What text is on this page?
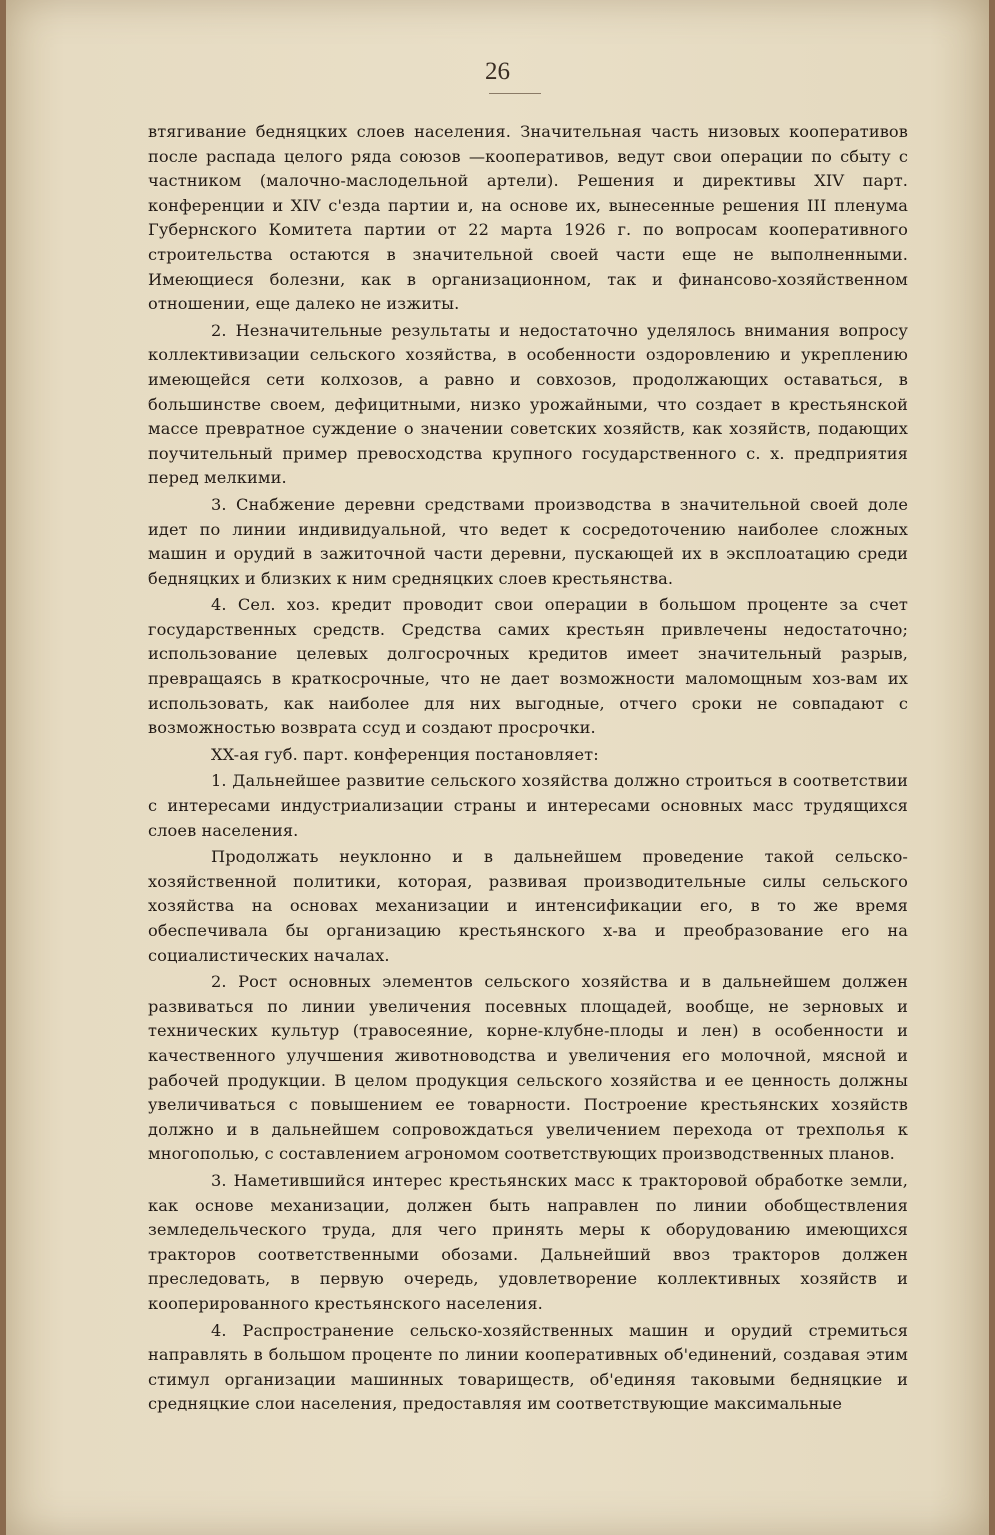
26

втягивание бедняцких слоев населения. Значительная часть низовых кооперативов после распада целого ряда союзов —кооперативов, ведут свои операции по сбыту с частником (малочно-маслодельной артели). Решения и директивы XIV парт. конференции и XIV с'езда партии и, на основе их, вынесенные решения III пленума Губернского Комитета партии от 22 марта 1926 г. по вопросам кооперативного строительства остаются в значительной своей части еще не выполненными. Имеющиеся болезни, как в организационном, так и финансово-хозяйственном отношении, еще далеко не изжиты.

2. Незначительные результаты и недостаточно уделялось внимания вопросу коллективизации сельского хозяйства, в особенности оздоровлению и укреплению имеющейся сети колхозов, а равно и совхозов, продолжающих оставаться, в большинстве своем, дефицитными, низко урожайными, что создает в крестьянской массе превратное суждение о значении советских хозяйств, как хозяйств, подающих поучительный пример превосходства крупного государственного с. х. предприятия перед мелкими.

3. Снабжение деревни средствами производства в значительной своей доле идет по линии индивидуальной, что ведет к сосредоточению наиболее сложных машин и орудий в зажиточной части деревни, пускающей их в эксплоатацию среди бедняцких и близких к ним средняцких слоев крестьянства.

4. Сел. хоз. кредит проводит свои операции в большом проценте за счет государственных средств. Средства самих крестьян привлечены недостаточно; использование целевых долгосрочных кредитов имеет значительный разрыв, превращаясь в краткосрочные, что не дает возможности маломощным хоз-вам их использовать, как наиболее для них выгодные, отчего сроки не совпадают с возможностью возврата ссуд и создают просрочки.

XX-ая губ. парт. конференция постановляет:

1. Дальнейшее развитие сельского хозяйства должно строиться в соответствии с интересами индустриализации страны и интересами основных масс трудящихся слоев населения.

Продолжать неуклонно и в дальнейшем проведение такой сельско-хозяйственной политики, которая, развивая производительные силы сельского хозяйства на основах механизации и интенсификации его, в то же время обеспечивала бы организацию крестьянского х-ва и преобразование его на социалистических началах.

2. Рост основных элементов сельского хозяйства и в дальнейшем должен развиваться по линии увеличения посевных площадей, вообще, не зерновых и технических культур (травосеяние, корне-клубне-плоды и лен) в особенности и качественного улучшения животноводства и увеличения его молочной, мясной и рабочей продукции. В целом продукция сельского хозяйства и ее ценность должны увеличиваться с повышением ее товарности. Построение крестьянских хозяйств должно и в дальнейшем сопровождаться увеличением перехода от трехполья к многополью, с составлением агрономом соответствующих производственных планов.

3. Наметившийся интерес крестьянских масс к тракторовой обработке земли, как основе механизации, должен быть направлен по линии обобществления земледельческого труда, для чего принять меры к оборудованию имеющихся тракторов соответственными обозами. Дальнейший ввоз тракторов должен преследовать, в первую очередь, удовлетворение коллективных хозяйств и кооперированного крестьянского населения.

4. Распространение сельско-хозяйственных машин и орудий стремиться направлять в большом проценте по линии кооперативных об'единений, создавая этим стимул организации машинных товариществ, об'единяя таковыми бедняцкие и средняцкие слои населения, предоставляя им соответствующие максимальные
